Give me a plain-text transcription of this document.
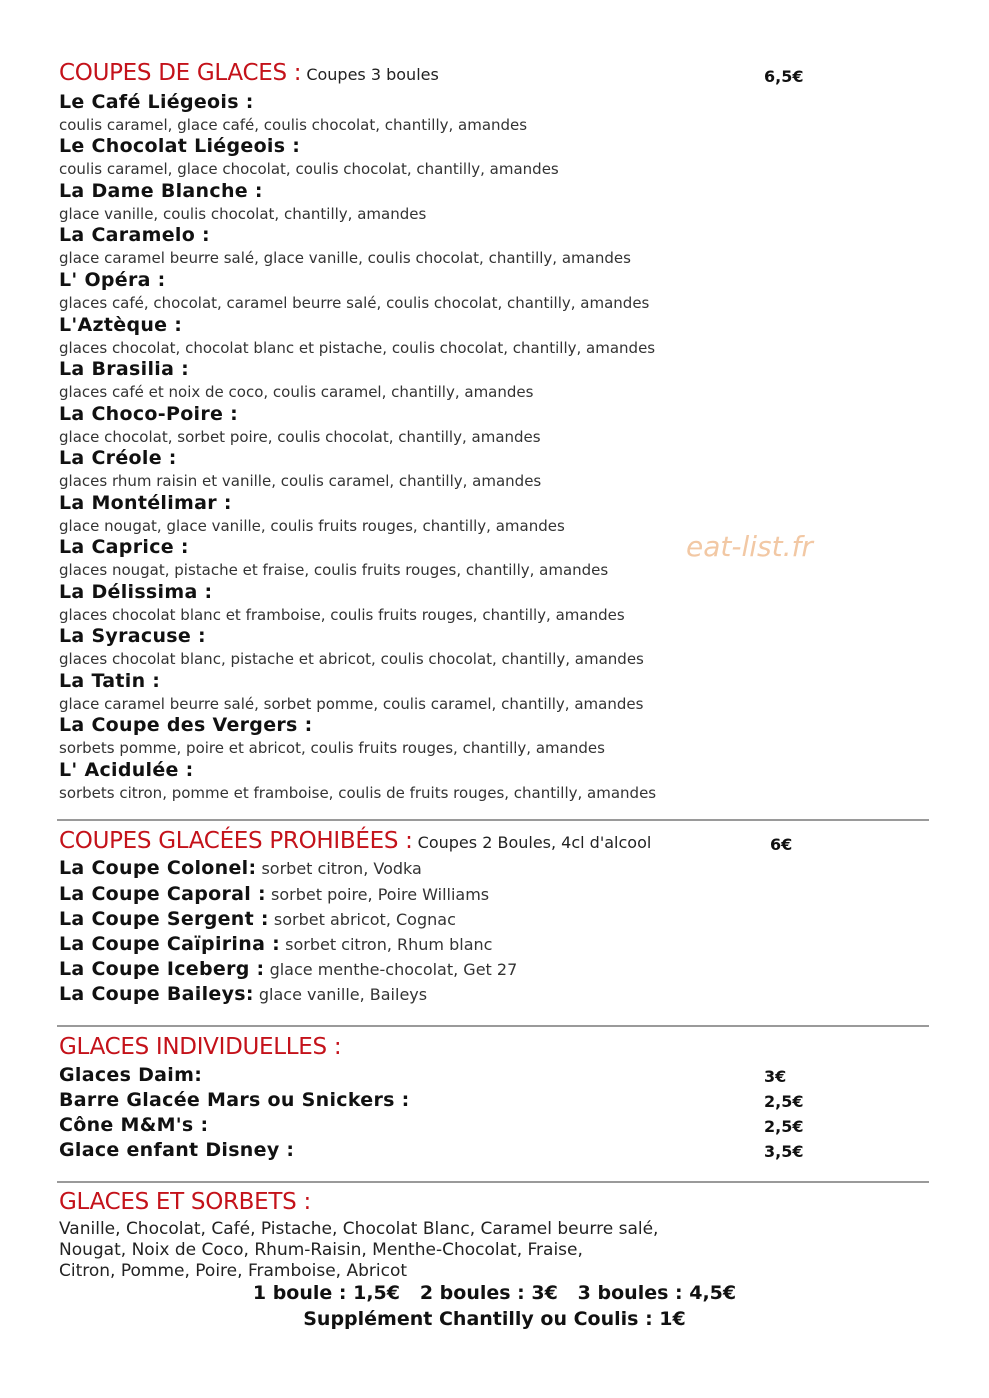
COUPES DE GLACES : Coupes 3 boules	6,5€
Le Café Liégeois :
coulis caramel, glace café, coulis chocolat, chantilly, amandes
Le Chocolat Liégeois :
coulis caramel, glace chocolat, coulis chocolat, chantilly, amandes
La Dame Blanche :
glace vanille, coulis chocolat, chantilly, amandes
La Caramelo :
glace caramel beurre salé, glace vanille, coulis chocolat, chantilly, amandes
L' Opéra :
glaces café, chocolat, caramel beurre salé, coulis chocolat, chantilly, amandes
L'Aztèque :
glaces chocolat, chocolat blanc et pistache, coulis chocolat, chantilly, amandes
La Brasilia :
glaces café et noix de coco, coulis caramel, chantilly, amandes
La Choco-Poire :
glace chocolat, sorbet poire, coulis chocolat, chantilly, amandes
La Créole :
glaces rhum raisin et vanille, coulis caramel, chantilly, amandes
La Montélimar :
glace nougat, glace vanille, coulis fruits rouges, chantilly, amandes
La Caprice :
glaces nougat, pistache et fraise, coulis fruits rouges, chantilly, amandes
La Délissima :
glaces chocolat blanc et framboise, coulis fruits rouges, chantilly, amandes
La Syracuse :
glaces chocolat blanc, pistache et abricot, coulis chocolat, chantilly, amandes
La Tatin :
glace caramel beurre salé, sorbet pomme, coulis caramel, chantilly, amandes
La Coupe des Vergers :
sorbets pomme, poire et abricot, coulis fruits rouges, chantilly, amandes
L' Acidulée :
sorbets citron, pomme et framboise, coulis de fruits rouges, chantilly, amandes
eat-list.fr
COUPES GLACÉES PROHIBÉES : Coupes 2 Boules, 4cl d'alcool	6€
La Coupe Colonel: sorbet citron, Vodka
La Coupe Caporal : sorbet poire, Poire Williams
La Coupe Sergent : sorbet abricot, Cognac
La Coupe Caïpirina : sorbet citron, Rhum blanc
La Coupe Iceberg : glace menthe-chocolat, Get 27
La Coupe Baileys: glace vanille, Baileys
GLACES INDIVIDUELLES :
Glaces Daim:	3€
Barre Glacée Mars ou Snickers :	2,5€
Cône M&M's :	2,5€
Glace enfant Disney :	3,5€
GLACES ET SORBETS :
Vanille, Chocolat, Café, Pistache, Chocolat Blanc, Caramel beurre salé,
Nougat, Noix de Coco, Rhum-Raisin, Menthe-Chocolat, Fraise,
Citron, Pomme, Poire, Framboise, Abricot
1 boule : 1,5€   2 boules : 3€   3 boules : 4,5€
Supplément Chantilly ou Coulis : 1€
